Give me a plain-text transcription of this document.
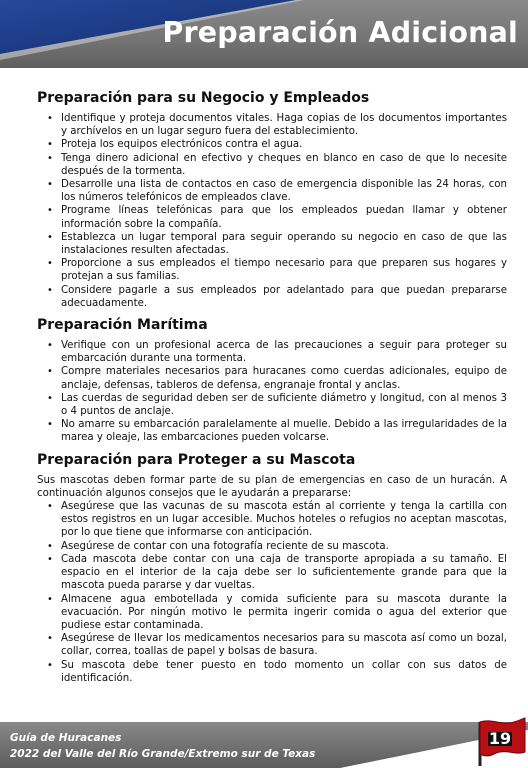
Preparación Adicional
Preparación para su Negocio y Empleados
• Identifique y proteja documentos vitales. Haga copias de los documentos importantes y archívelos en un lugar seguro fuera del establecimiento.
• Proteja los equipos electrónicos contra el agua.
• Tenga dinero adicional en efectivo y cheques en blanco en caso de que lo necesite después de la tormenta.
• Desarrolle una lista de contactos en caso de emergencia disponible las 24 horas, con los números telefónicos de empleados clave.
• Programe líneas telefónicas para que los empleados puedan llamar y obtener información sobre la compañía.
• Establezca un lugar temporal para seguir operando su negocio en caso de que las instalaciones resulten afectadas.
• Proporcione a sus empleados el tiempo necesario para que preparen sus hogares y protejan a sus familias.
• Considere pagarle a sus empleados por adelantado para que puedan prepararse adecuadamente.
Preparación Marítima
• Verifique con un profesional acerca de las precauciones a seguir para proteger su embarcación durante una tormenta.
• Compre materiales necesarios para huracanes como cuerdas adicionales, equipo de anclaje, defensas, tableros de defensa, engranaje frontal y anclas.
• Las cuerdas de seguridad deben ser de suficiente diámetro y longitud, con al menos 3 o 4 puntos de anclaje.
• No amarre su embarcación paralelamente al muelle. Debido a las irregularidades de la marea y oleaje, las embarcaciones pueden volcarse.
Preparación para Proteger a su Mascota

Sus mascotas deben formar parte de su plan de emergencias en caso de un huracán. A continuación algunos consejos que le ayudarán a prepararse:

• Asegúrese que las vacunas de su mascota están al corriente y tenga la cartilla con estos registros en un lugar accesible. Muchos hoteles o refugios no aceptan mascotas, por lo que tiene que informarse con anticipación.
• Asegúrese de contar con una fotografía reciente de su mascota.
• Cada mascota debe contar con una caja de transporte apropiada a su tamaño. El espacio en el interior de la caja debe ser lo suficientemente grande para que la mascota pueda pararse y dar vueltas.
• Almacene agua embotellada y comida suficiente para su mascota durante la evacuación. Por ningún motivo le permita ingerir comida o agua del exterior que pudiese estar contaminada.
• Asegúrese de llevar los medicamentos necesarios para su mascota así como un bozal, collar, correa, toallas de papel y bolsas de basura.
• Su mascota debe tener puesto en todo momento un collar con sus datos de identificación.
Guía de Huracanes
2022 del Valle del Río Grande/Extremo sur de Texas
19
